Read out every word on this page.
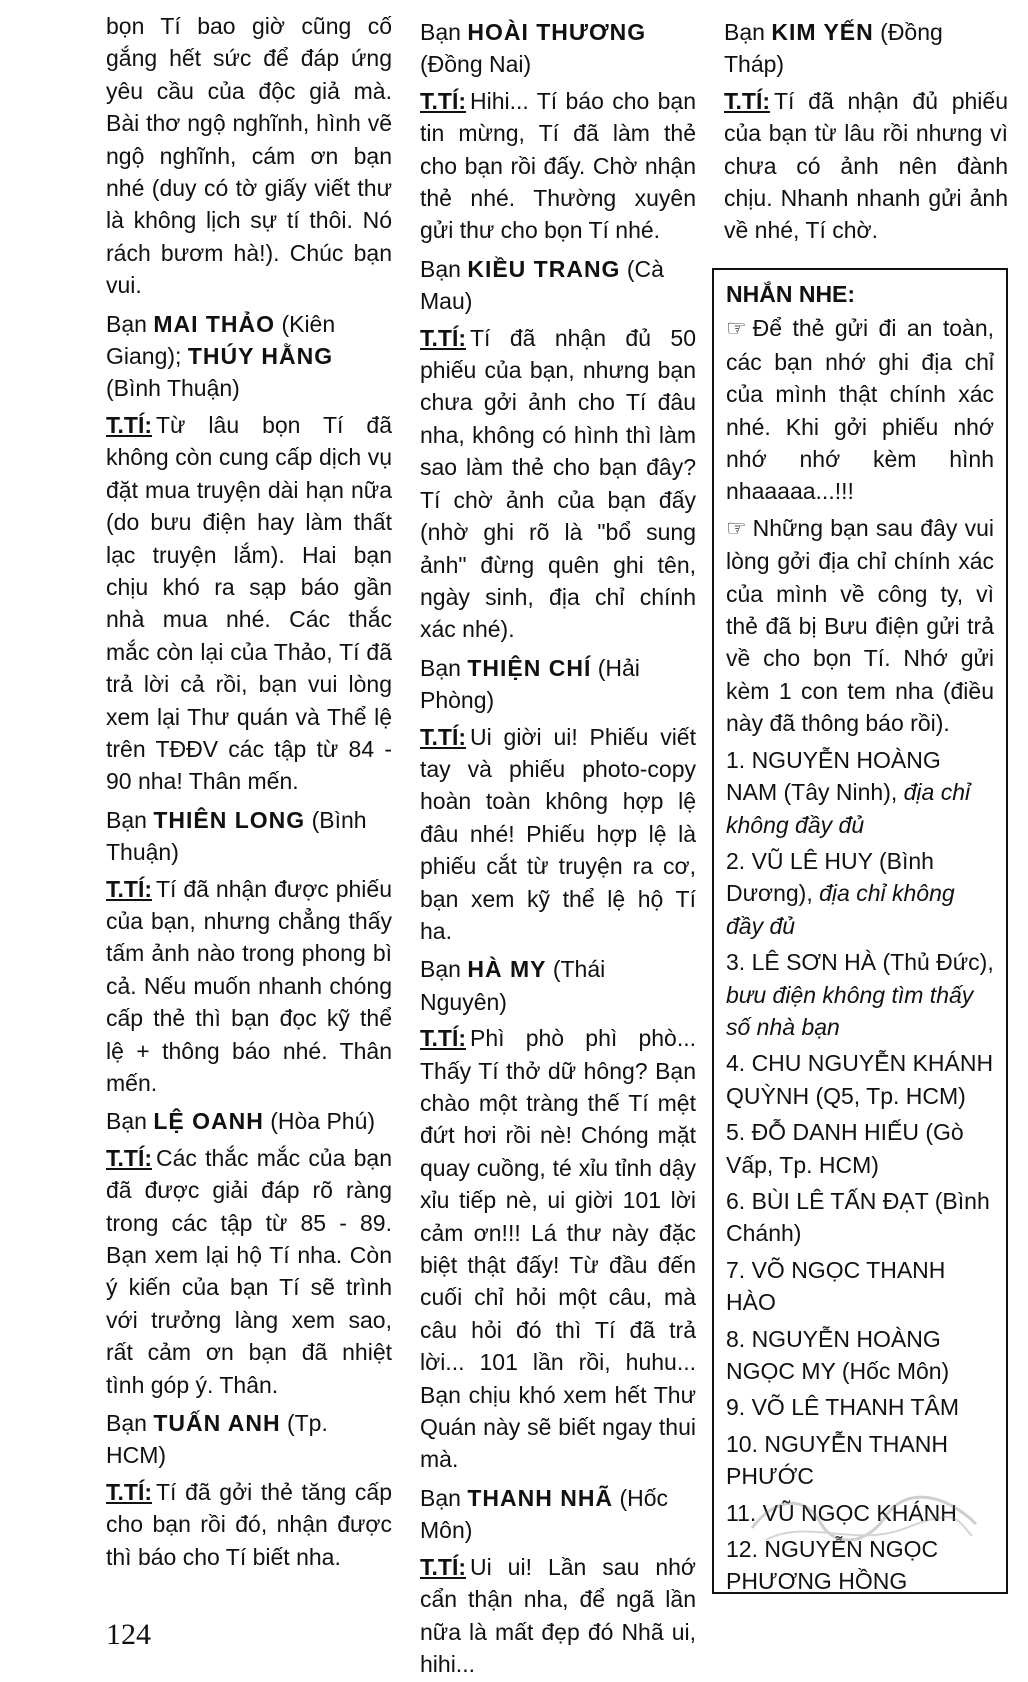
bọn Tí bao giờ cũng cố gắng hết sức để đáp ứng yêu cầu của độc giả mà. Bài thơ ngộ nghĩnh, hình vẽ ngộ nghĩnh, cám ơn bạn nhé (duy có tờ giấy viết thư là không lịch sự tí thôi. Nó rách bươm hà!). Chúc bạn vui.

Bạn MAI THẢO (Kiên Giang); THÚY HẰNG (Bình Thuận)

T.TÍ: Từ lâu bọn Tí đã không còn cung cấp dịch vụ đặt mua truyện dài hạn nữa (do bưu điện hay làm thất lạc truyện lắm). Hai bạn chịu khó ra sạp báo gần nhà mua nhé. Các thắc mắc còn lại của Thảo, Tí đã trả lời cả rồi, bạn vui lòng xem lại Thư quán và Thể lệ trên TĐĐV các tập từ 84 - 90 nha! Thân mến.

Bạn THIÊN LONG (Bình Thuận)

T.TÍ: Tí đã nhận được phiếu của bạn, nhưng chẳng thấy tấm ảnh nào trong phong bì cả. Nếu muốn nhanh chóng cấp thẻ thì bạn đọc kỹ thể lệ + thông báo nhé. Thân mến.

Bạn LỆ OANH (Hòa Phú)

T.TÍ: Các thắc mắc của bạn đã được giải đáp rõ ràng trong các tập từ 85 - 89. Bạn xem lại hộ Tí nha. Còn ý kiến của bạn Tí sẽ trình với trưởng làng xem sao, rất cảm ơn bạn đã nhiệt tình góp ý. Thân.

Bạn TUẤN ANH (Tp. HCM)

T.TÍ: Tí đã gởi thẻ tăng cấp cho bạn rồi đó, nhận được thì báo cho Tí biết nha.

Bạn HOÀI THƯƠNG (Đồng Nai)

T.TÍ: Hihi... Tí báo cho bạn tin mừng, Tí đã làm thẻ cho bạn rồi đấy. Chờ nhận thẻ nhé. Thường xuyên gửi thư cho bọn Tí nhé.

Bạn KIỀU TRANG (Cà Mau)

T.TÍ: Tí đã nhận đủ 50 phiếu của bạn, nhưng bạn chưa gởi ảnh cho Tí đâu nha, không có hình thì làm sao làm thẻ cho bạn đây? Tí chờ ảnh của bạn đấy (nhờ ghi rõ là "bổ sung ảnh" đừng quên ghi tên, ngày sinh, địa chỉ chính xác nhé).

Bạn THIỆN CHÍ (Hải Phòng)

T.TÍ: Ui giời ui! Phiếu viết tay và phiếu photo-copy hoàn toàn không hợp lệ đâu nhé! Phiếu hợp lệ là phiếu cắt từ truyện ra cơ, bạn xem kỹ thể lệ hộ Tí ha.

Bạn HÀ MY (Thái Nguyên)

T.TÍ: Phì phò phì phò... Thấy Tí thở dữ hông? Bạn chào một tràng thế Tí mệt đứt hơi rồi nè! Chóng mặt quay cuồng, té xỉu tỉnh dậy xỉu tiếp nè, ui giời 101 lời cảm ơn!!! Lá thư này đặc biệt thật đấy! Từ đầu đến cuối chỉ hỏi một câu, mà câu hỏi đó thì Tí đã trả lời... 101 lần rồi, huhu... Bạn chịu khó xem hết Thư Quán này sẽ biết ngay thui mà.

Bạn THANH NHÃ (Hốc Môn)

T.TÍ: Ui ui! Lần sau nhớ cẩn thận nha, để ngã lần nữa là mất đẹp đó Nhã ui, hihi...

Bạn KIM YẾN (Đồng Tháp)

T.TÍ: Tí đã nhận đủ phiếu của bạn từ lâu rồi nhưng vì chưa có ảnh nên đành chịu. Nhanh nhanh gửi ảnh về nhé, Tí chờ.

NHẮN NHE:

☞ Để thẻ gửi đi an toàn, các bạn nhớ ghi địa chỉ của mình thật chính xác nhé. Khi gởi phiếu nhớ nhớ nhớ kèm hình nhaaaaa...!!!

☞ Những bạn sau đây vui lòng gởi địa chỉ chính xác của mình về công ty, vì thẻ đã bị Bưu điện gửi trả về cho bọn Tí. Nhớ gửi kèm 1 con tem nha (điều này đã thông báo rồi).

1. NGUYỄN HOÀNG NAM (Tây Ninh), địa chỉ không đầy đủ
2. VŨ LÊ HUY (Bình Dương), địa chỉ không đầy đủ
3. LÊ SƠN HÀ (Thủ Đức), bưu điện không tìm thấy số nhà bạn
4. CHU NGUYỄN KHÁNH QUỲNH (Q5, Tp. HCM)
5. ĐỖ DANH HIẾU (Gò Vấp, Tp. HCM)
6. BÙI LÊ TẤN ĐẠT (Bình Chánh)
7. VÕ NGỌC THANH HÀO
8. NGUYỄN HOÀNG NGỌC MY (Hốc Môn)
9. VÕ LÊ THANH TÂM
10. NGUYỄN THANH PHƯỚC
11. VŨ NGỌC KHÁNH
12. NGUYỄN NGỌC PHƯƠNG HỒNG
124
